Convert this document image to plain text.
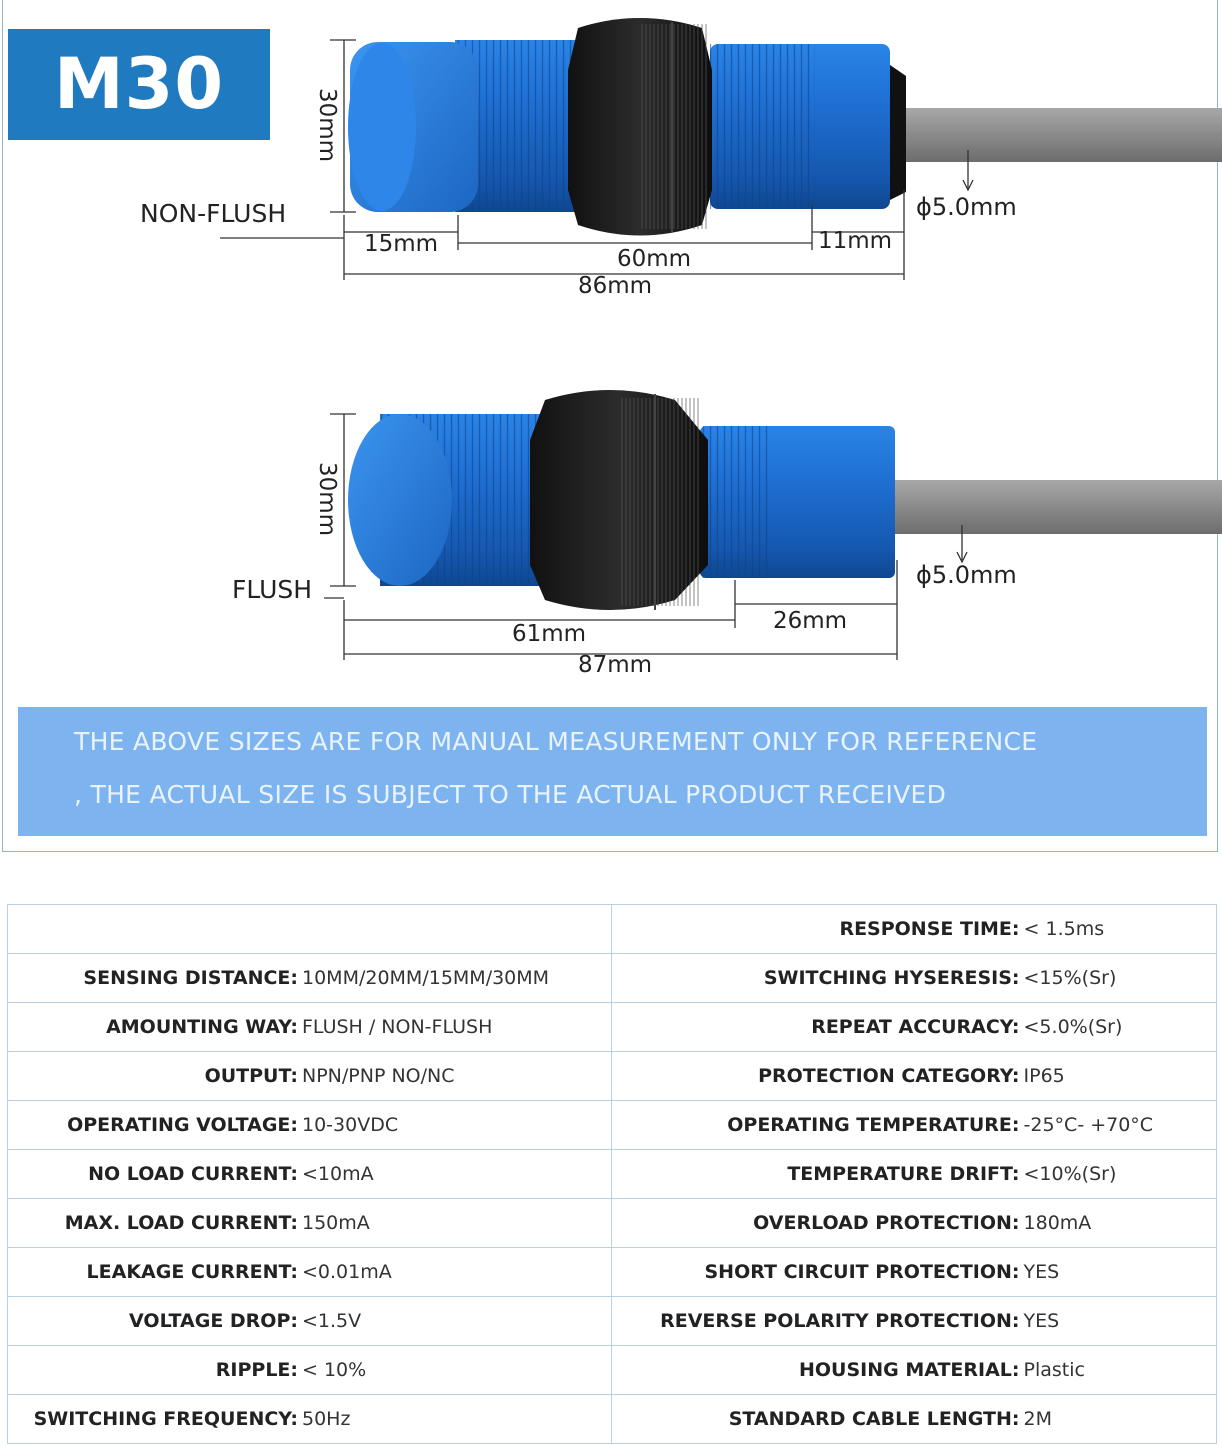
M30
30mm
NON-FLUSH
15mm
60mm
11mm
86mm
ϕ5.0mm
30mm
FLUSH
61mm	26mm
87mm
ϕ5.0mm
THE ABOVE SIZES ARE FOR MANUAL MEASUREMENT ONLY FOR REFERENCE
, THE ACTUAL SIZE IS SUBJECT TO THE ACTUAL PRODUCT RECEIVED

	RESPONSE TIME: < 1.5ms

SENSING DISTANCE: 10MM/20MM/15MM/30MM	SWITCHING HYSERESIS: <15%(Sr)

AMOUNTING WAY: FLUSH / NON-FLUSH	REPEAT ACCURACY: <5.0%(Sr)

OUTPUT: NPN/PNP NO/NC	PROTECTION CATEGORY: IP65

OPERATING VOLTAGE: 10-30VDC	OPERATING TEMPERATURE: -25°C- +70°C

NO LOAD CURRENT: <10mA	TEMPERATURE DRIFT: <10%(Sr)

MAX. LOAD CURRENT: 150mA	OVERLOAD PROTECTION: 180mA

LEAKAGE CURRENT: <0.01mA	SHORT CIRCUIT PROTECTION: YES

VOLTAGE DROP: <1.5V	REVERSE POLARITY PROTECTION: YES

RIPPLE: < 10%	HOUSING MATERIAL: Plastic

SWITCHING FREQUENCY: 50Hz	STANDARD CABLE LENGTH: 2M
